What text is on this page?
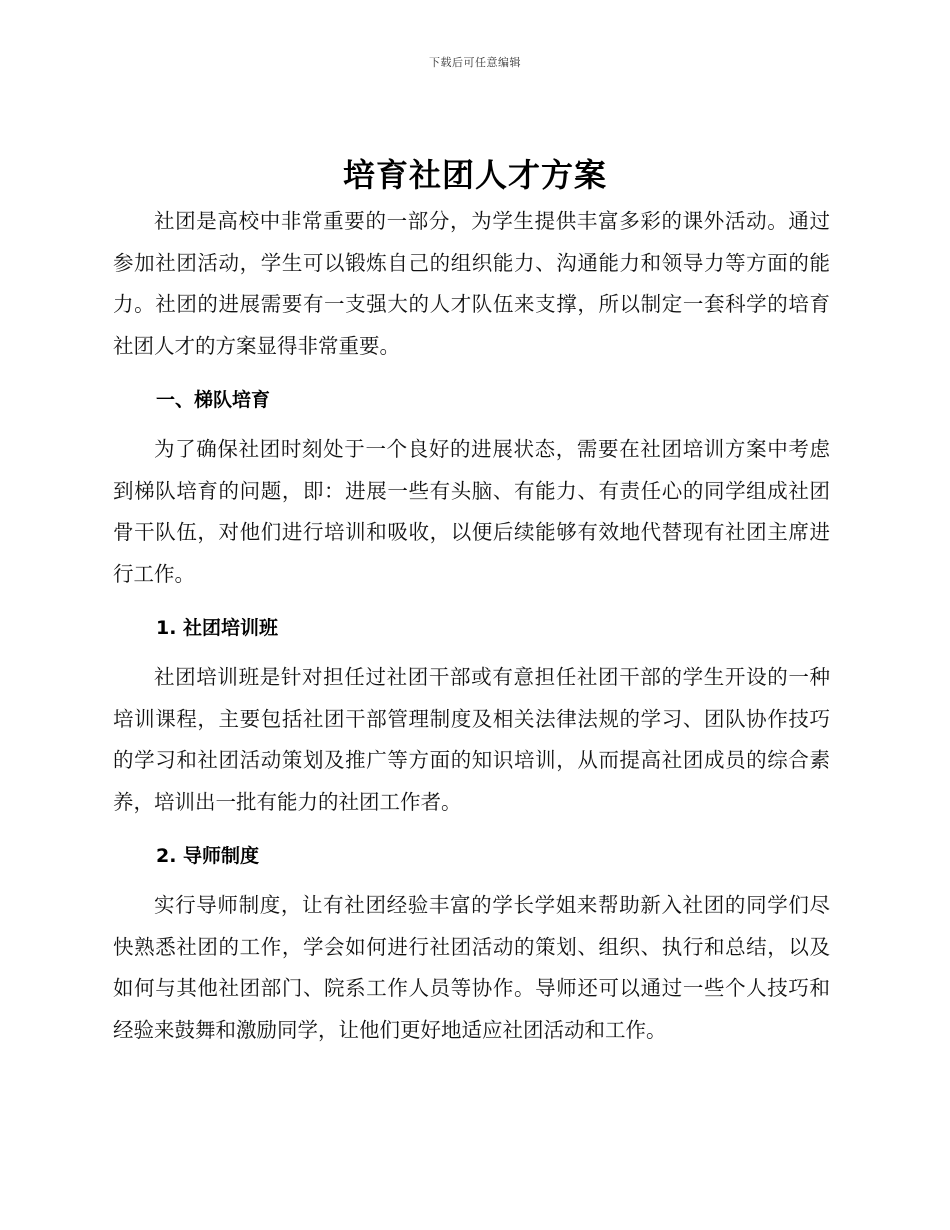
下载后可任意编辑
培育社团人才方案

社团是高校中非常重要的一部分，为学生提供丰富多彩的课外活动。通过参加社团活动，学生可以锻炼自己的组织能力、沟通能力和领导力等方面的能力。社团的进展需要有一支强大的人才队伍来支撑，所以制定一套科学的培育社团人才的方案显得非常重要。

一、梯队培育

为了确保社团时刻处于一个良好的进展状态，需要在社团培训方案中考虑到梯队培育的问题，即：进展一些有头脑、有能力、有责任心的同学组成社团骨干队伍，对他们进行培训和吸收，以便后续能够有效地代替现有社团主席进行工作。

1. 社团培训班

社团培训班是针对担任过社团干部或有意担任社团干部的学生开设的一种培训课程，主要包括社团干部管理制度及相关法律法规的学习、团队协作技巧的学习和社团活动策划及推广等方面的知识培训，从而提高社团成员的综合素养，培训出一批有能力的社团工作者。

2. 导师制度

实行导师制度，让有社团经验丰富的学长学姐来帮助新入社团的同学们尽快熟悉社团的工作，学会如何进行社团活动的策划、组织、执行和总结，以及如何与其他社团部门、院系工作人员等协作。导师还可以通过一些个人技巧和经验来鼓舞和激励同学，让他们更好地适应社团活动和工作。
